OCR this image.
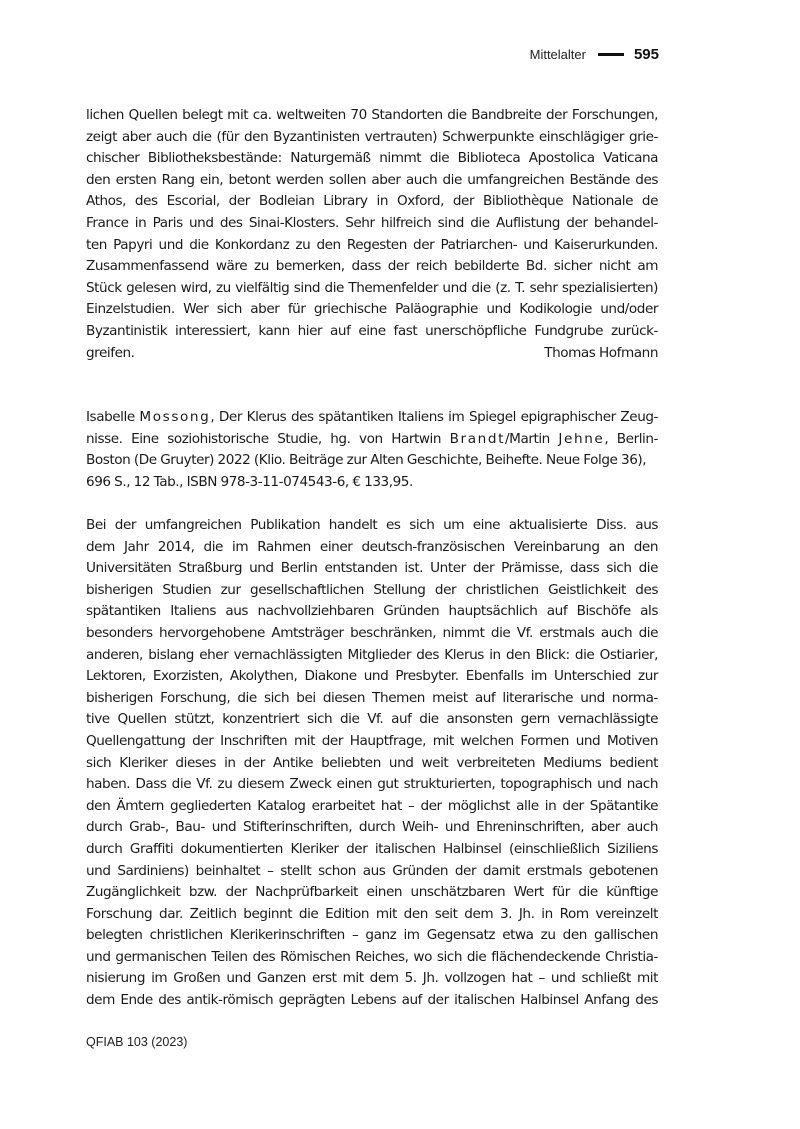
Mittelalter	595
lichen Quellen belegt mit ca. weltweiten 70 Standorten die Bandbreite der Forschungen,
zeigt aber auch die (für den Byzantinisten vertrauten) Schwerpunkte einschlägiger grie-
chischer Bibliotheksbestände: Naturgemäß nimmt die Biblioteca Apostolica Vaticana
den ersten Rang ein, betont werden sollen aber auch die umfangreichen Bestände des
Athos, des Escorial, der Bodleian Library in Oxford, der Bibliothèque Nationale de
France in Paris und des Sinai-Klosters. Sehr hilfreich sind die Auflistung der behandel-
ten Papyri und die Konkordanz zu den Regesten der Patriarchen- und Kaiserurkunden.
Zusammenfassend wäre zu bemerken, dass der reich bebilderte Bd. sicher nicht am
Stück gelesen wird, zu vielfältig sind die Themenfelder und die (z. T. sehr spezialisierten)
Einzelstudien. Wer sich aber für griechische Paläographie und Kodikologie und/oder
Byzantinistik interessiert, kann hier auf eine fast unerschöpfliche Fundgrube zurück-
greifen.	Thomas Hofmann
Isabelle Mossong, Der Klerus des spätantiken Italiens im Spiegel epigraphischer Zeug-
nisse. Eine soziohistorische Studie, hg. von Hartwin Brandt/Martin Jehne, Berlin-
Boston (De Gruyter) 2022 (Klio. Beiträge zur Alten Geschichte, Beihefte. Neue Folge 36),
696 S., 12 Tab., ISBN 978-3-11-074543-6, € 133,95.
Bei der umfangreichen Publikation handelt es sich um eine aktualisierte Diss. aus
dem Jahr 2014, die im Rahmen einer deutsch-französischen Vereinbarung an den
Universitäten Straßburg und Berlin entstanden ist. Unter der Prämisse, dass sich die
bisherigen Studien zur gesellschaftlichen Stellung der christlichen Geistlichkeit des
spätantiken Italiens aus nachvollziehbaren Gründen hauptsächlich auf Bischöfe als
besonders hervorgehobene Amtsträger beschränken, nimmt die Vf. erstmals auch die
anderen, bislang eher vernachlässigten Mitglieder des Klerus in den Blick: die Ostiarier,
Lektoren, Exorzisten, Akolythen, Diakone und Presbyter. Ebenfalls im Unterschied zur
bisherigen Forschung, die sich bei diesen Themen meist auf literarische und norma-
tive Quellen stützt, konzentriert sich die Vf. auf die ansonsten gern vernachlässigte
Quellengattung der Inschriften mit der Hauptfrage, mit welchen Formen und Motiven
sich Kleriker dieses in der Antike beliebten und weit verbreiteten Mediums bedient
haben. Dass die Vf. zu diesem Zweck einen gut strukturierten, topographisch und nach
den Ämtern gegliederten Katalog erarbeitet hat – der möglichst alle in der Spätantike
durch Grab-, Bau- und Stifterinschriften, durch Weih- und Ehreninschriften, aber auch
durch Graffiti dokumentierten Kleriker der italischen Halbinsel (einschließlich Siziliens
und Sardiniens) beinhaltet – stellt schon aus Gründen der damit erstmals gebotenen
Zugänglichkeit bzw. der Nachprüfbarkeit einen unschätzbaren Wert für die künftige
Forschung dar. Zeitlich beginnt die Edition mit den seit dem 3. Jh. in Rom vereinzelt
belegten christlichen Klerikerinschriften – ganz im Gegensatz etwa zu den gallischen
und germanischen Teilen des Römischen Reiches, wo sich die flächendeckende Christia-
nisierung im Großen und Ganzen erst mit dem 5. Jh. vollzogen hat – und schließt mit
dem Ende des antik-römisch geprägten Lebens auf der italischen Halbinsel Anfang des
QFIAB 103 (2023)
